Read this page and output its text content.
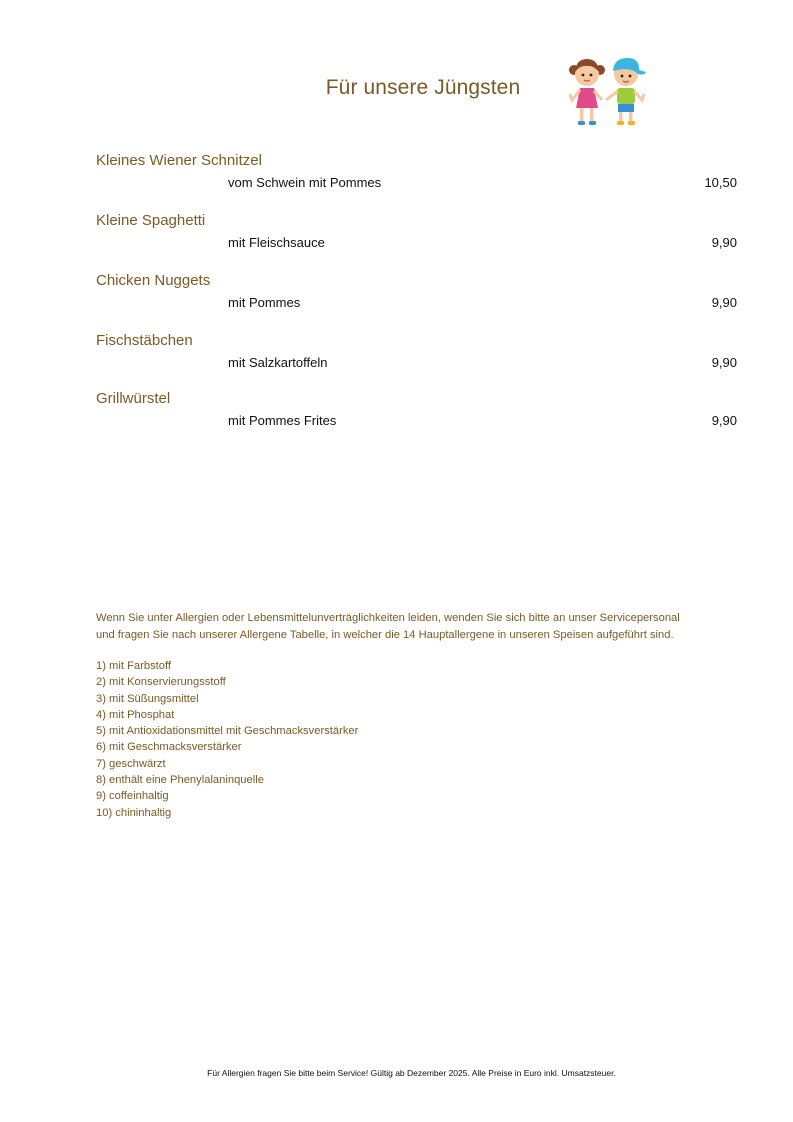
Für unsere Jüngsten
Kleines Wiener Schnitzel
vom Schwein mit Pommes	10,50
Kleine Spaghetti
mit Fleischsauce	9,90
Chicken Nuggets
mit Pommes	9,90
Fischstäbchen
mit Salzkartoffeln	9,90
Grillwürstel
mit Pommes Frites	9,90
Wenn Sie unter Allergien oder Lebensmittelunverträglichkeiten leiden, wenden Sie sich bitte an unser Servicepersonal
und fragen Sie nach unserer Allergene Tabelle, in welcher die 14 Hauptallergene in unseren Speisen aufgeführt sind.
1) mit Farbstoff
2) mit Konservierungsstoff
3) mit Süßungsmittel
4) mit Phosphat
5) mit Antioxidationsmittel mit Geschmacksverstärker
6) mit Geschmacksverstärker
7) geschwärzt
8) enthält eine Phenylalaninquelle
9) coffeinhaltig
10) chininhaltig
Für Allergien fragen Sie bitte beim Service! Gültig ab Dezember 2025. Alle Preise in Euro inkl. Umsatzsteuer.
